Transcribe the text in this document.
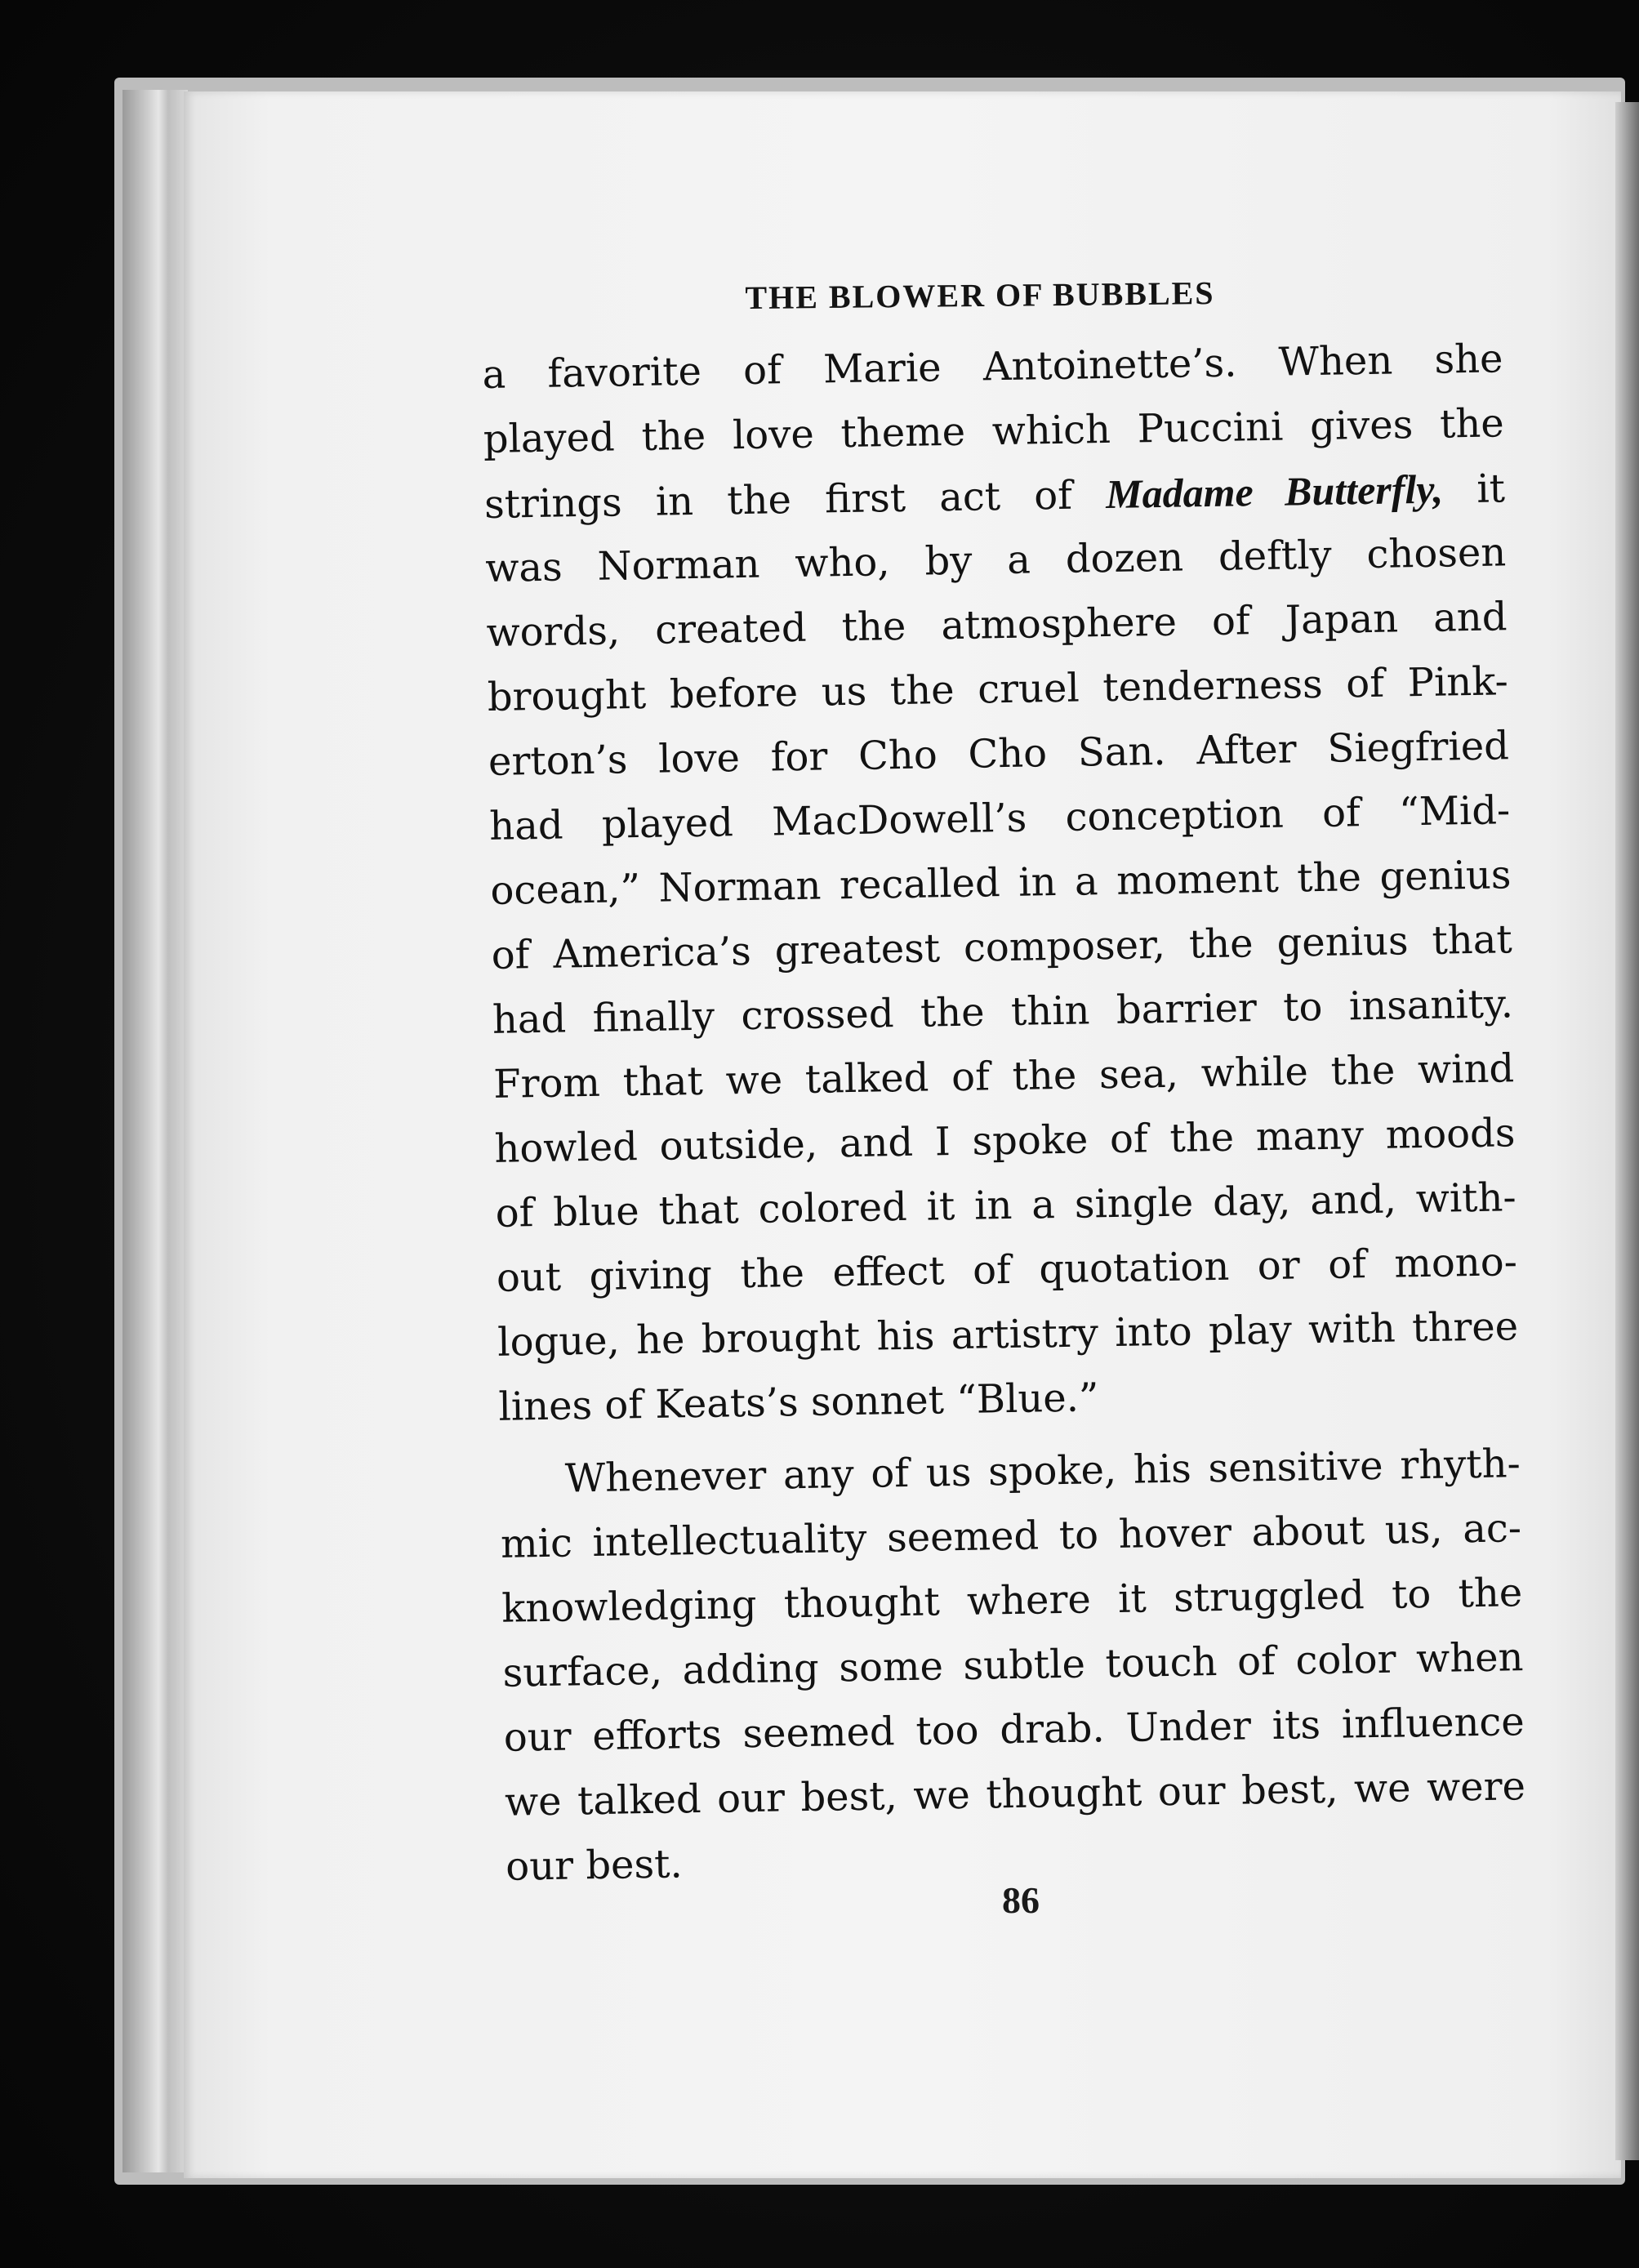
THE BLOWER OF BUBBLES
a favorite of Marie Antoinette’s. When she
played the love theme which Puccini gives the
strings in the first act of Madame Butterfly, it
was Norman who, by a dozen deftly chosen
words, created the atmosphere of Japan and
brought before us the cruel tenderness of Pink-
erton’s love for Cho Cho San. After Siegfried
had played MacDowell’s conception of “Mid-
ocean,” Norman recalled in a moment the genius
of America’s greatest composer, the genius that
had finally crossed the thin barrier to insanity.
From that we talked of the sea, while the wind
howled outside, and I spoke of the many moods
of blue that colored it in a single day, and, with-
out giving the effect of quotation or of mono-
logue, he brought his artistry into play with three
lines of Keats’s sonnet “Blue.”
Whenever any of us spoke, his sensitive rhyth-
mic intellectuality seemed to hover about us, ac-
knowledging thought where it struggled to the
surface, adding some subtle touch of color when
our efforts seemed too drab. Under its influence
we talked our best, we thought our best, we were
our best.
86
